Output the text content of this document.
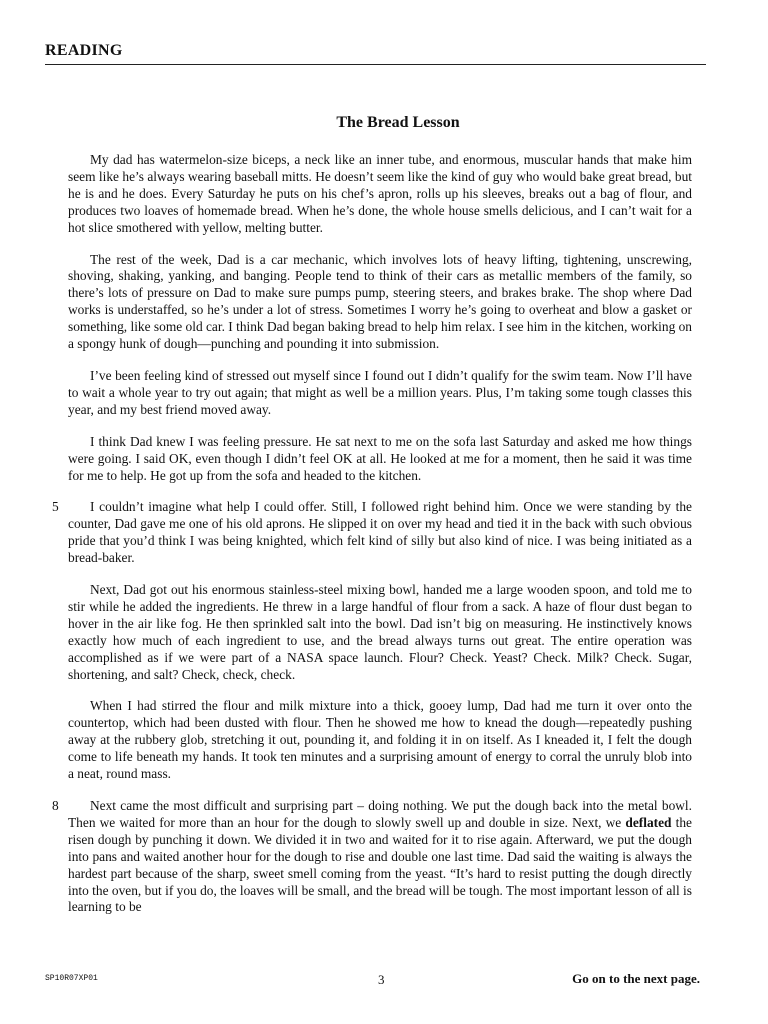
READING
The Bread Lesson

My dad has watermelon-size biceps, a neck like an inner tube, and enormous, muscular hands that make him seem like he’s always wearing baseball mitts. He doesn’t seem like the kind of guy who would bake great bread, but he is and he does. Every Saturday he puts on his chef’s apron, rolls up his sleeves, breaks out a bag of flour, and produces two loaves of homemade bread. When he’s done, the whole house smells delicious, and I can’t wait for a hot slice smothered with yellow, melting butter.

The rest of the week, Dad is a car mechanic, which involves lots of heavy lifting, tightening, unscrewing, shoving, shaking, yanking, and banging. People tend to think of their cars as metallic members of the family, so there’s lots of pressure on Dad to make sure pumps pump, steering steers, and brakes brake. The shop where Dad works is understaffed, so he’s under a lot of stress. Sometimes I worry he’s going to overheat and blow a gasket or something, like some old car. I think Dad began baking bread to help him relax. I see him in the kitchen, working on a spongy hunk of dough—punching and pounding it into submission.

I’ve been feeling kind of stressed out myself since I found out I didn’t qualify for the swim team. Now I’ll have to wait a whole year to try out again; that might as well be a million years. Plus, I’m taking some tough classes this year, and my best friend moved away.

I think Dad knew I was feeling pressure. He sat next to me on the sofa last Saturday and asked me how things were going. I said OK, even though I didn’t feel OK at all. He looked at me for a moment, then he said it was time for me to help. He got up from the sofa and headed to the kitchen.

5 I couldn’t imagine what help I could offer. Still, I followed right behind him. Once we were standing by the counter, Dad gave me one of his old aprons. He slipped it on over my head and tied it in the back with such obvious pride that you’d think I was being knighted, which felt kind of silly but also kind of nice. I was being initiated as a bread-baker.

Next, Dad got out his enormous stainless-steel mixing bowl, handed me a large wooden spoon, and told me to stir while he added the ingredients. He threw in a large handful of flour from a sack. A haze of flour dust began to hover in the air like fog. He then sprinkled salt into the bowl. Dad isn’t big on measuring. He instinctively knows exactly how much of each ingredient to use, and the bread always turns out great. The entire operation was accomplished as if we were part of a NASA space launch. Flour? Check. Yeast? Check. Milk? Check. Sugar, shortening, and salt? Check, check, check.

When I had stirred the flour and milk mixture into a thick, gooey lump, Dad had me turn it over onto the countertop, which had been dusted with flour. Then he showed me how to knead the dough—repeatedly pushing away at the rubbery glob, stretching it out, pounding it, and folding it in on itself. As I kneaded it, I felt the dough come to life beneath my hands. It took ten minutes and a surprising amount of energy to corral the unruly blob into a neat, round mass.

8 Next came the most difficult and surprising part – doing nothing. We put the dough back into the metal bowl. Then we waited for more than an hour for the dough to slowly swell up and double in size. Next, we deflated the risen dough by punching it down. We divided it in two and waited for it to rise again. Afterward, we put the dough into pans and waited another hour for the dough to rise and double one last time. Dad said the waiting is always the hardest part because of the sharp, sweet smell coming from the yeast. “It’s hard to resist putting the dough directly into the oven, but if you do, the loaves will be small, and the bread will be tough. The most important lesson of all is learning to be

SP10R07XP01	3	Go on to the next page.
